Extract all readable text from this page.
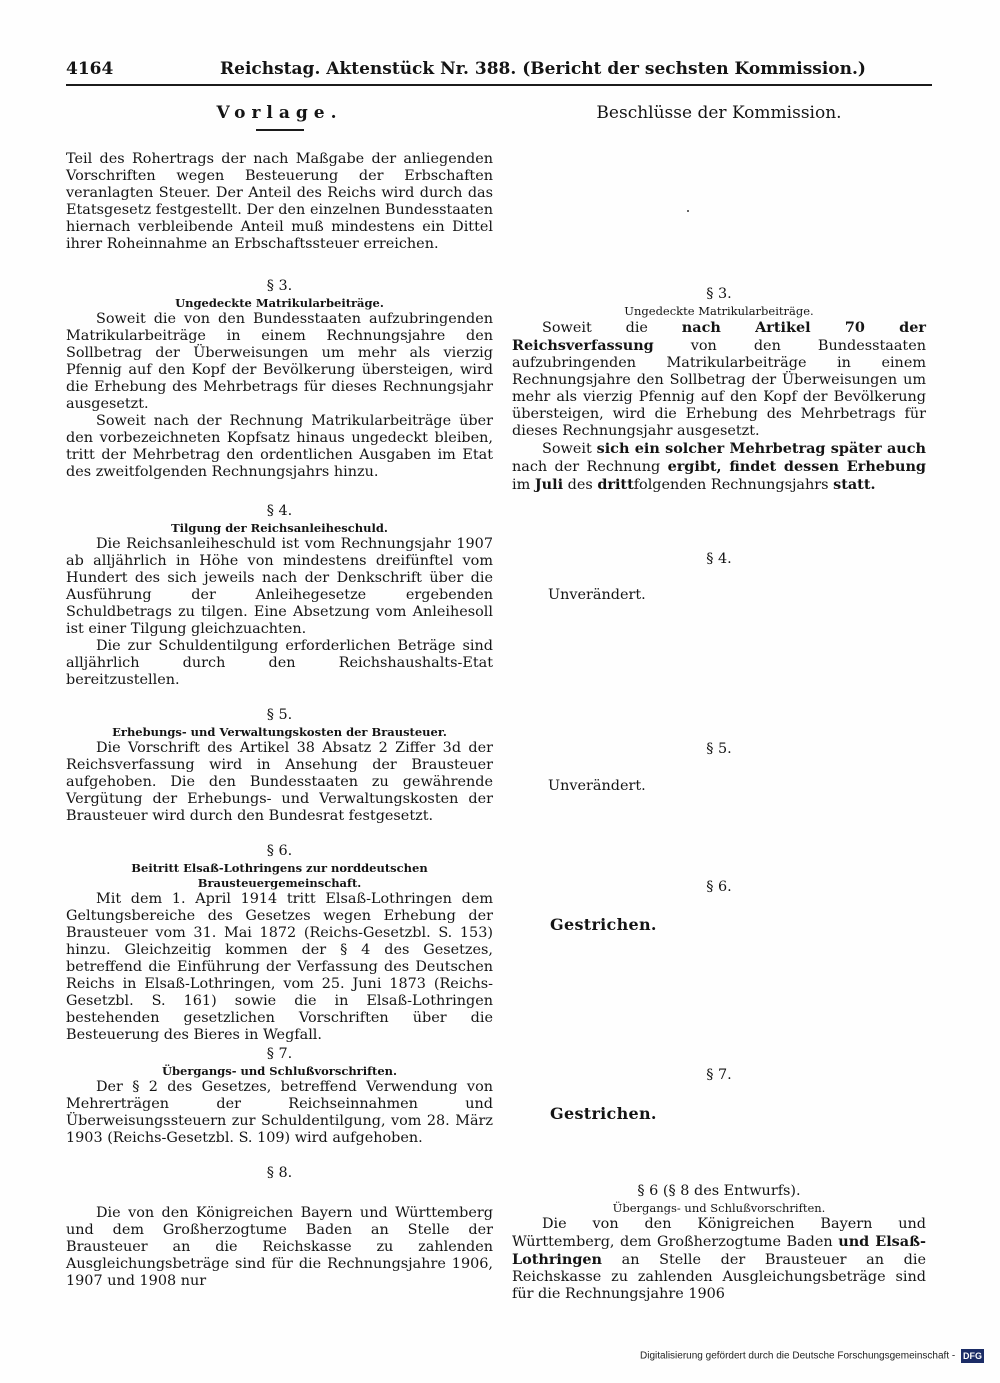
4164	Reichstag. Aktenstück Nr. 388. (Bericht der sechsten Kommission.)
Vorlage.

Teil des Rohertrags der nach Maßgabe der anliegenden Vorschriften wegen Besteuerung der Erbschaften veranlagten Steuer. Der Anteil des Reichs wird durch das Etatsgesetz festgestellt. Der den einzelnen Bundesstaaten hiernach verbleibende Anteil muß mindestens ein Dittel ihrer Roheinnahme an Erbschaftssteuer erreichen.

§ 3.

Ungedeckte Matrikularbeiträge.

Soweit die von den Bundesstaaten aufzubringenden Matrikularbeiträge in einem Rechnungsjahre den Sollbetrag der Überweisungen um mehr als vierzig Pfennig auf den Kopf der Bevölkerung übersteigen, wird die Erhebung des Mehrbetrags für dieses Rechnungsjahr ausgesetzt.

Soweit nach der Rechnung Matrikularbeiträge über den vorbezeichneten Kopfsatz hinaus ungedeckt bleiben, tritt der Mehrbetrag den ordentlichen Ausgaben im Etat des zweitfolgenden Rechnungsjahrs hinzu.

§ 4.

Tilgung der Reichsanleiheschuld.

Die Reichsanleiheschuld ist vom Rechnungsjahr 1907 ab alljährlich in Höhe von mindestens dreifünftel vom Hundert des sich jeweils nach der Denkschrift über die Ausführung der Anleihegesetze ergebenden Schuldbetrags zu tilgen. Eine Absetzung vom Anleihesoll ist einer Tilgung gleichzuachten.

Die zur Schuldentilgung erforderlichen Beträge sind alljährlich durch den Reichshaushalts-Etat bereitzustellen.

§ 5.

Erhebungs- und Verwaltungskosten der Brausteuer.

Die Vorschrift des Artikel 38 Absatz 2 Ziffer 3d der Reichsverfassung wird in Ansehung der Brausteuer aufgehoben. Die den Bundesstaaten zu gewährende Vergütung der Erhebungs- und Verwaltungskosten der Brausteuer wird durch den Bundesrat festgesetzt.

§ 6.

Beitritt Elsaß-Lothringens zur norddeutschen Brausteuergemeinschaft.

Mit dem 1. April 1914 tritt Elsaß-Lothringen dem Geltungsbereiche des Gesetzes wegen Erhebung der Brausteuer vom 31. Mai 1872 (Reichs-Gesetzbl. S. 153) hinzu. Gleichzeitig kommen der § 4 des Gesetzes, betreffend die Einführung der Verfassung des Deutschen Reichs in Elsaß-Lothringen, vom 25. Juni 1873 (Reichs-Gesetzbl. S. 161) sowie die in Elsaß-Lothringen bestehenden gesetzlichen Vorschriften über die Besteuerung des Bieres in Wegfall.

§ 7.

Übergangs- und Schlußvorschriften.

Der § 2 des Gesetzes, betreffend Verwendung von Mehrerträgen der Reichseinnahmen und Überweisungssteuern zur Schuldentilgung, vom 28. März 1903 (Reichs-Gesetzbl. S. 109) wird aufgehoben.

§ 8.

Die von den Königreichen Bayern und Württemberg und dem Großherzogtume Baden an Stelle der Brausteuer an die Reichskasse zu zahlenden Ausgleichungsbeträge sind für die Rechnungsjahre 1906, 1907 und 1908 nur

Beschlüsse der Kommission.

§ 3.

Ungedeckte Matrikularbeiträge.

Soweit die nach Artikel 70 der Reichsverfassung von den Bundesstaaten aufzubringenden Matrikularbeiträge in einem Rechnungsjahre den Sollbetrag der Überweisungen um mehr als vierzig Pfennig auf den Kopf der Bevölkerung übersteigen, wird die Erhebung des Mehrbetrags für dieses Rechnungsjahr ausgesetzt.

Soweit sich ein solcher Mehrbetrag später auch nach der Rechnung ergibt, findet dessen Erhebung im Juli des drittfolgenden Rechnungsjahrs statt.

§ 4.

Unverändert.

§ 5.

Unverändert.

§ 6.

Gestrichen.

§ 7.

Gestrichen.

§ 6 (§ 8 des Entwurfs).

Übergangs- und Schlußvorschriften.

Die von den Königreichen Bayern und Württemberg, dem Großherzogtume Baden und Elsaß-Lothringen an Stelle der Brausteuer an die Reichskasse zu zahlenden Ausgleichungsbeträge sind für die Rechnungsjahre 1906

Digitalisierung gefördert durch die Deutsche Forschungsgemeinschaft - DFG
